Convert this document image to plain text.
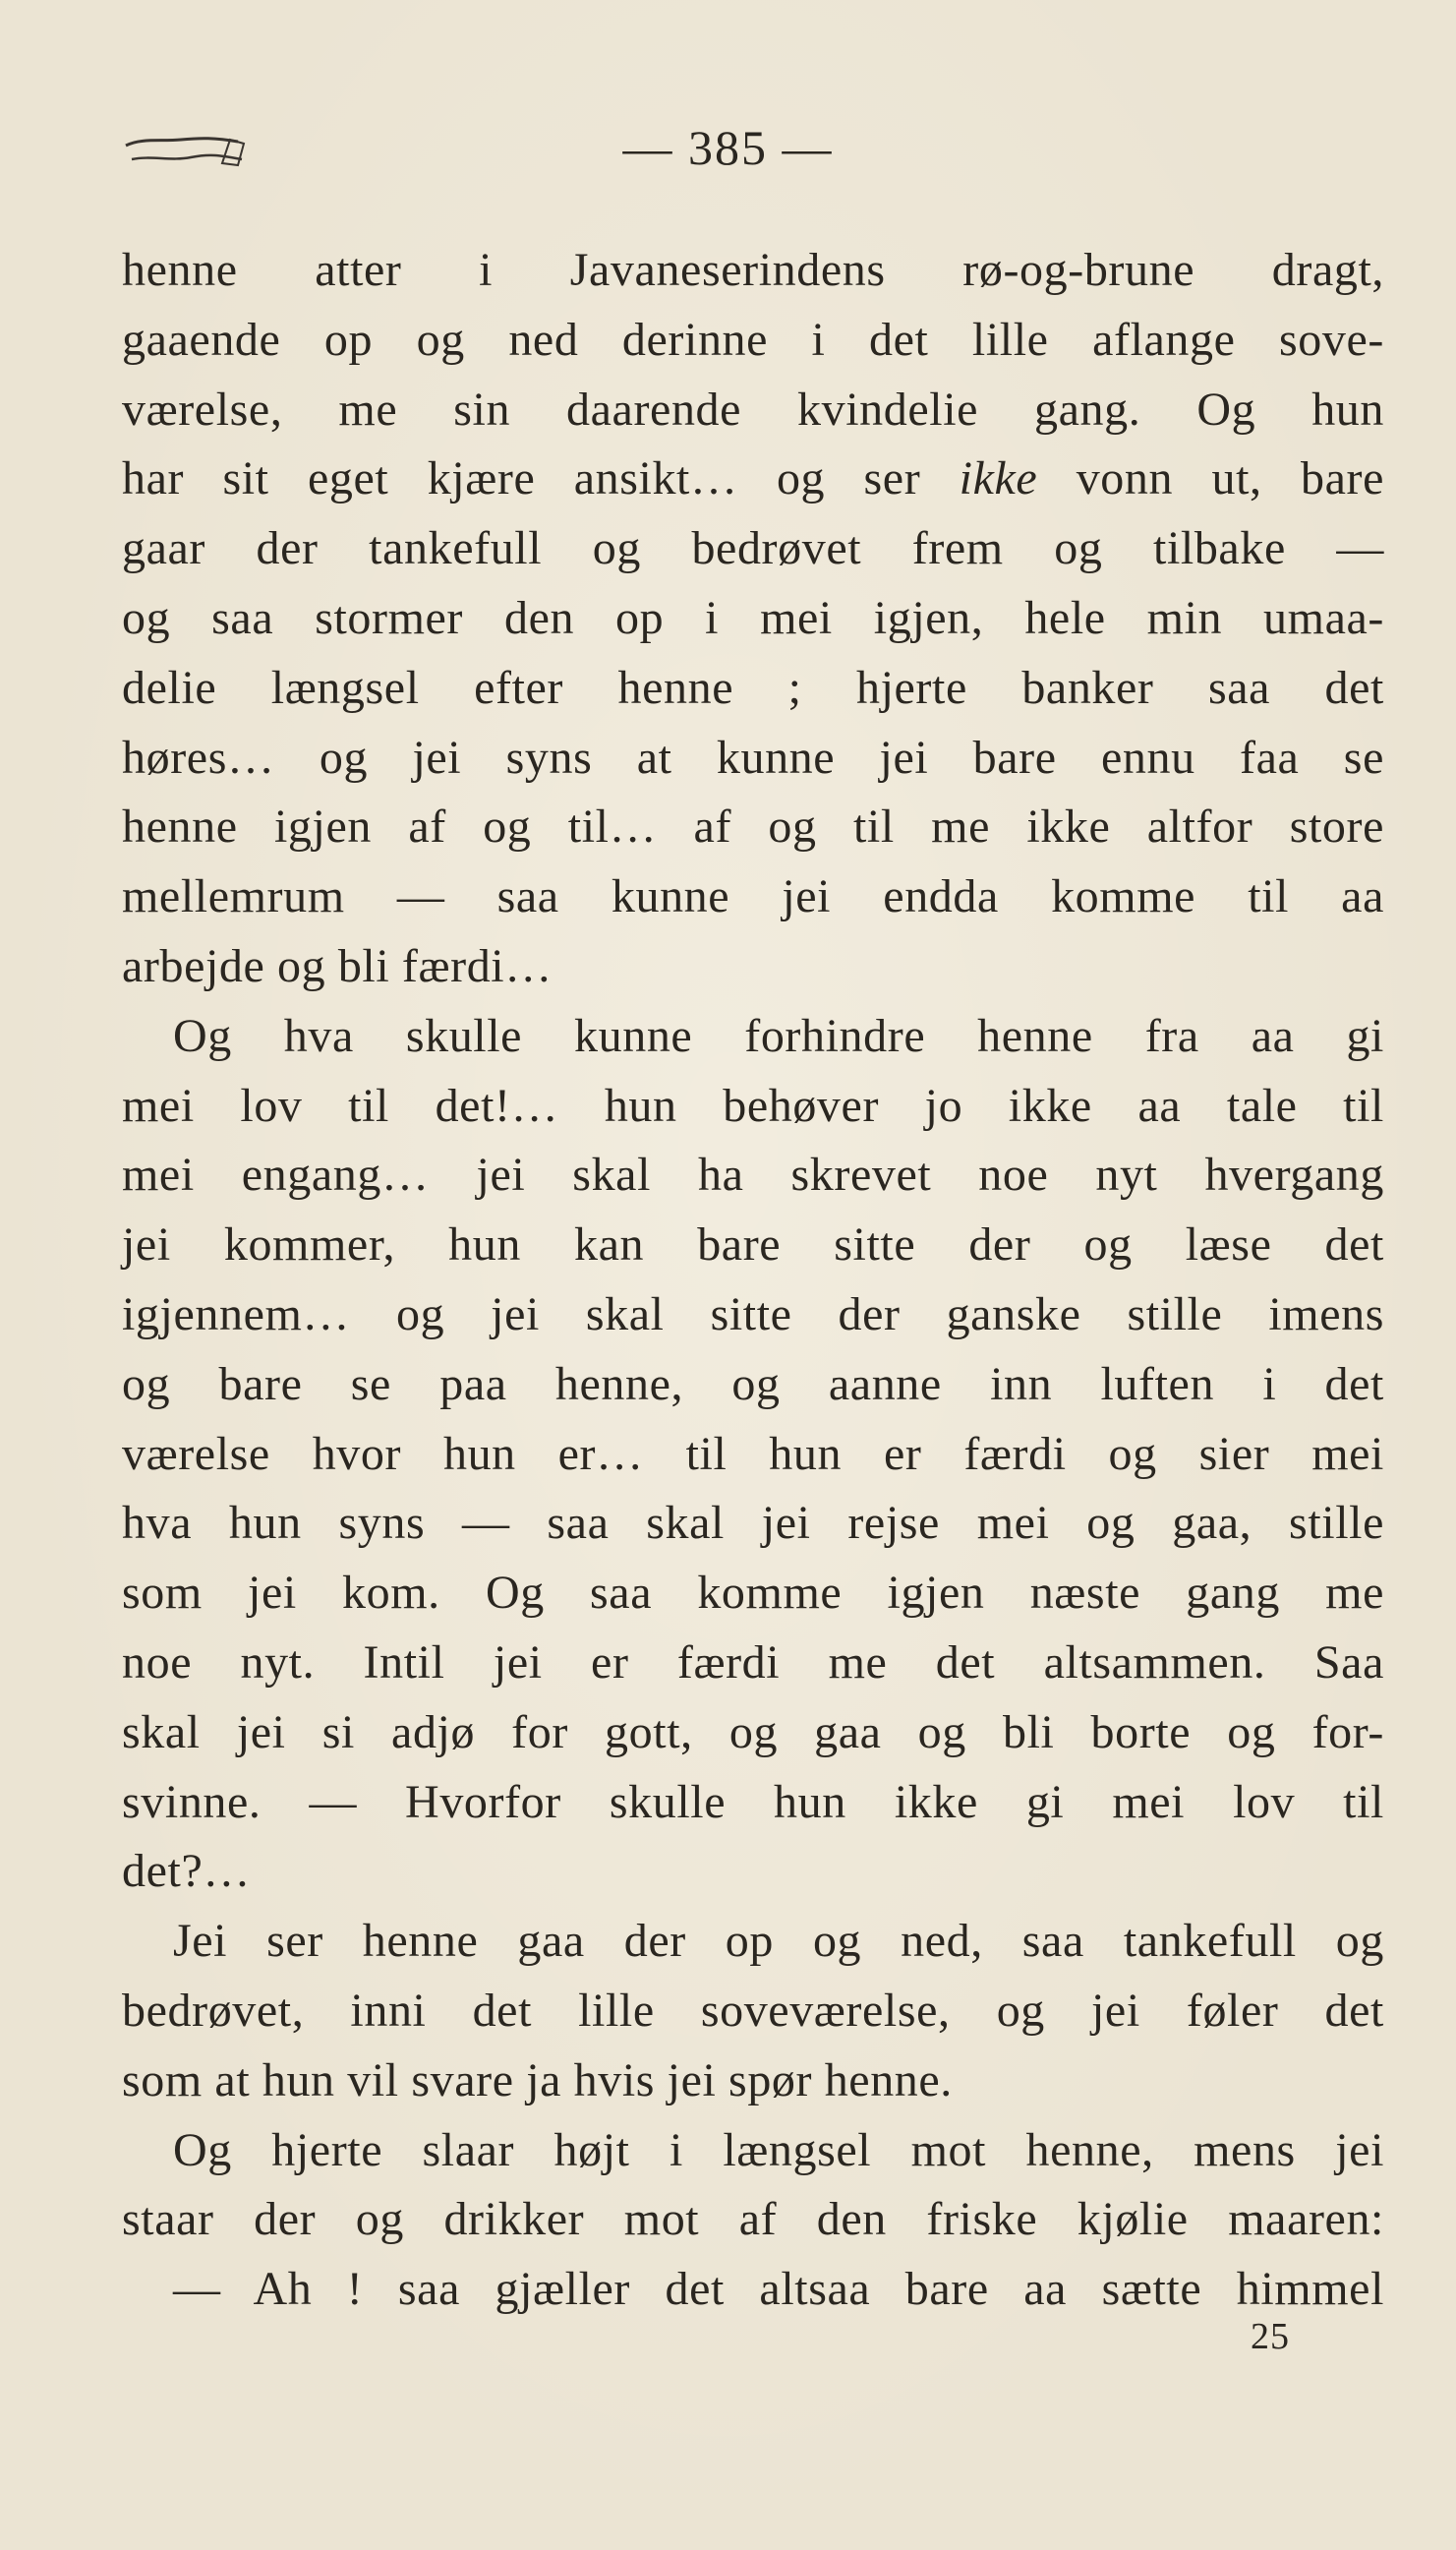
— 385 —
henne atter i Javaneserindens rø-og-brune dragt,
gaaende op og ned derinne i det lille aflange sove-
værelse, me sin daarende kvindelie gang. Og hun
har sit eget kjære ansikt… og ser ikke vonn ut, bare
gaar der tankefull og bedrøvet frem og tilbake —
og saa stormer den op i mei igjen, hele min umaa-
delie længsel efter henne ; hjerte banker saa det
høres… og jei syns at kunne jei bare ennu faa se
henne igjen af og til… af og til me ikke altfor store
mellemrum — saa kunne jei endda komme til aa
arbejde og bli færdi…
Og hva skulle kunne forhindre henne fra aa gi
mei lov til det!… hun behøver jo ikke aa tale til
mei engang… jei skal ha skrevet noe nyt hvergang
jei kommer, hun kan bare sitte der og læse det
igjennem… og jei skal sitte der ganske stille imens
og bare se paa henne, og aanne inn luften i det
værelse hvor hun er… til hun er færdi og sier mei
hva hun syns — saa skal jei rejse mei og gaa, stille
som jei kom. Og saa komme igjen næste gang me
noe nyt. Intil jei er færdi me det altsammen. Saa
skal jei si adjø for gott, og gaa og bli borte og for-
svinne. — Hvorfor skulle hun ikke gi mei lov til
det?…
Jei ser henne gaa der op og ned, saa tankefull og
bedrøvet, inni det lille soveværelse, og jei føler det
som at hun vil svare ja hvis jei spør henne.
Og hjerte slaar højt i længsel mot henne, mens jei
staar der og drikker mot af den friske kjølie maaren:
— Ah ! saa gjæller det altsaa bare aa sætte himmel
25
